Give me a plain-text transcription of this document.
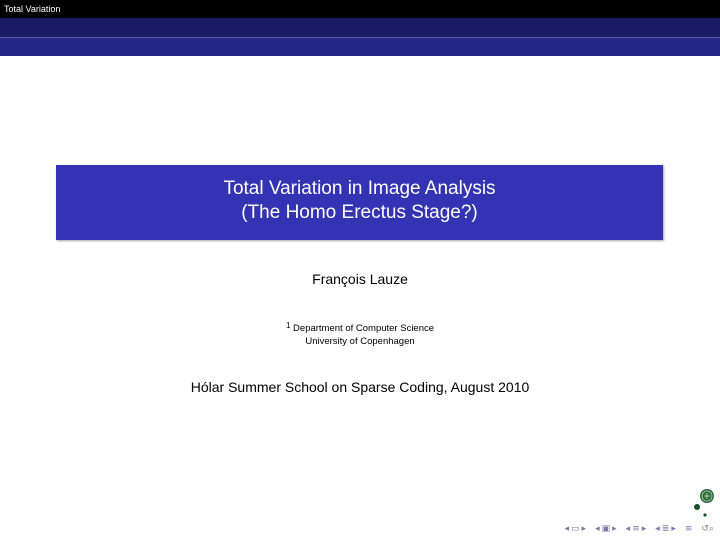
Total Variation
Total Variation in Image Analysis
(The Homo Erectus Stage?)
François Lauze
$^1$ Department of Computer Science
University of Copenhagen
Hólar Summer School on Sparse Coding, August 2010
◂ ▭ ▸ ◂ ▣ ▸ ◂ ≡ ▸ ◂ ≣ ▸ ≡ ↺⌕
